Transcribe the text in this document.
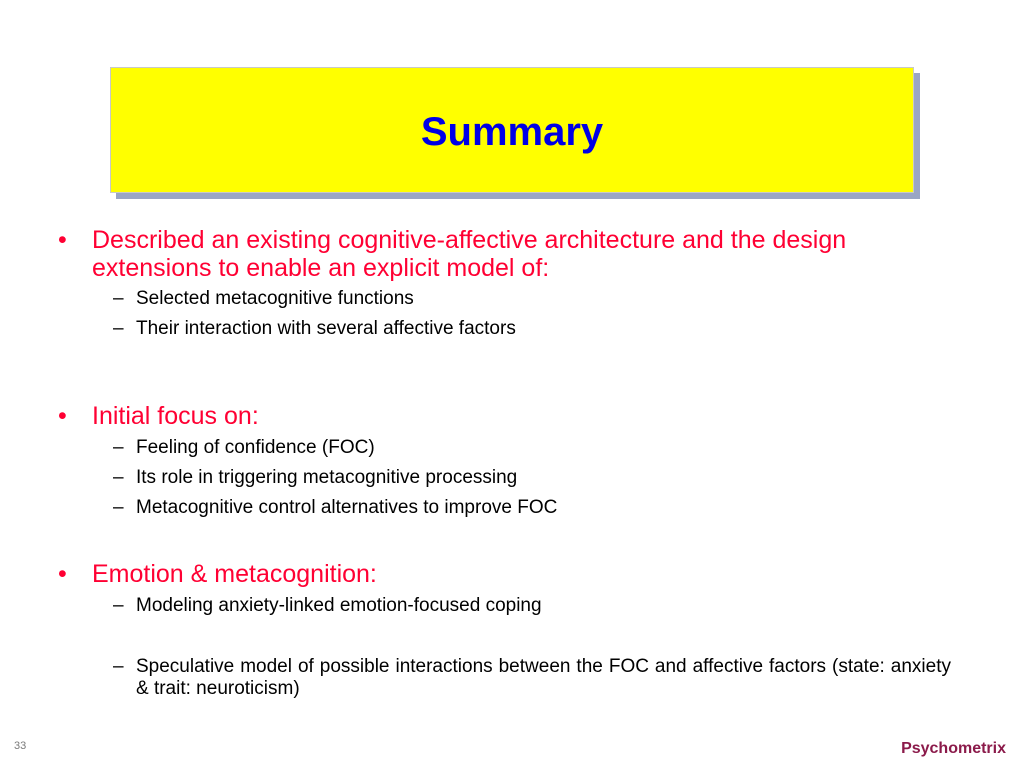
Summary
• Described an existing cognitive-affective architecture and the design extensions to enable an explicit model of:
– Selected metacognitive functions
– Their interaction with several affective factors
• Initial focus on:
– Feeling of confidence (FOC)
– Its role in triggering metacognitive processing
– Metacognitive control alternatives to improve FOC
• Emotion & metacognition:
– Modeling anxiety-linked emotion-focused coping
– Speculative model of possible interactions between the FOC and affective factors (state: anxiety & trait: neuroticism)
33	Psychometrix
